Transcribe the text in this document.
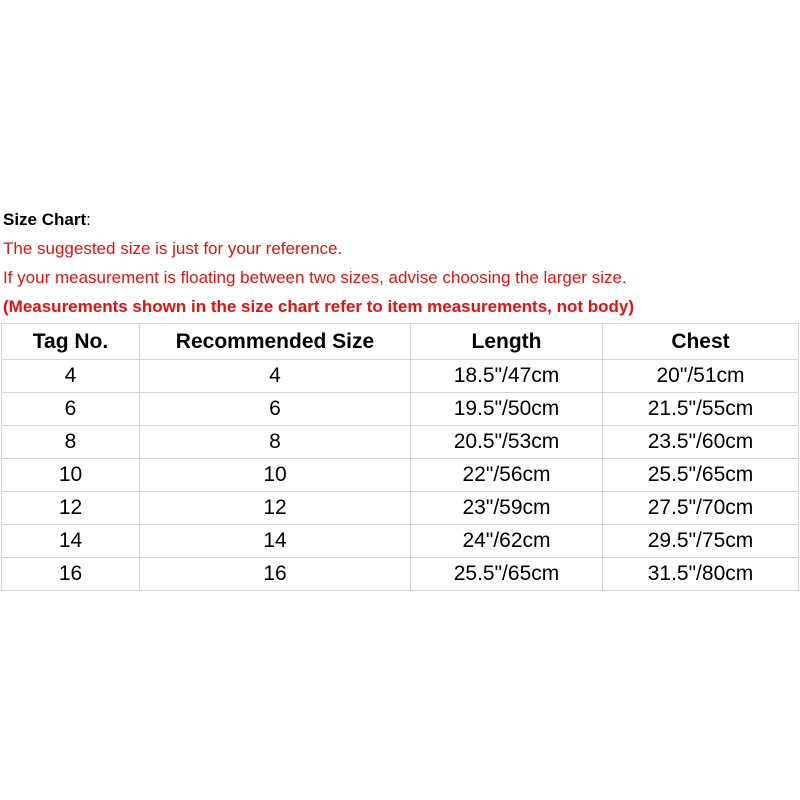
Size Chart:
The suggested size is just for your reference.
If your measurement is floating between two sizes, advise choosing the larger size.
(Measurements shown in the size chart refer to item measurements, not body)
Tag No.	Recommended Size	Length	Chest
4	4	18.5"/47cm	20"/51cm
6	6	19.5"/50cm	21.5"/55cm
8	8	20.5"/53cm	23.5"/60cm
10	10	22"/56cm	25.5"/65cm
12	12	23"/59cm	27.5"/70cm
14	14	24"/62cm	29.5"/75cm
16	16	25.5"/65cm	31.5"/80cm
